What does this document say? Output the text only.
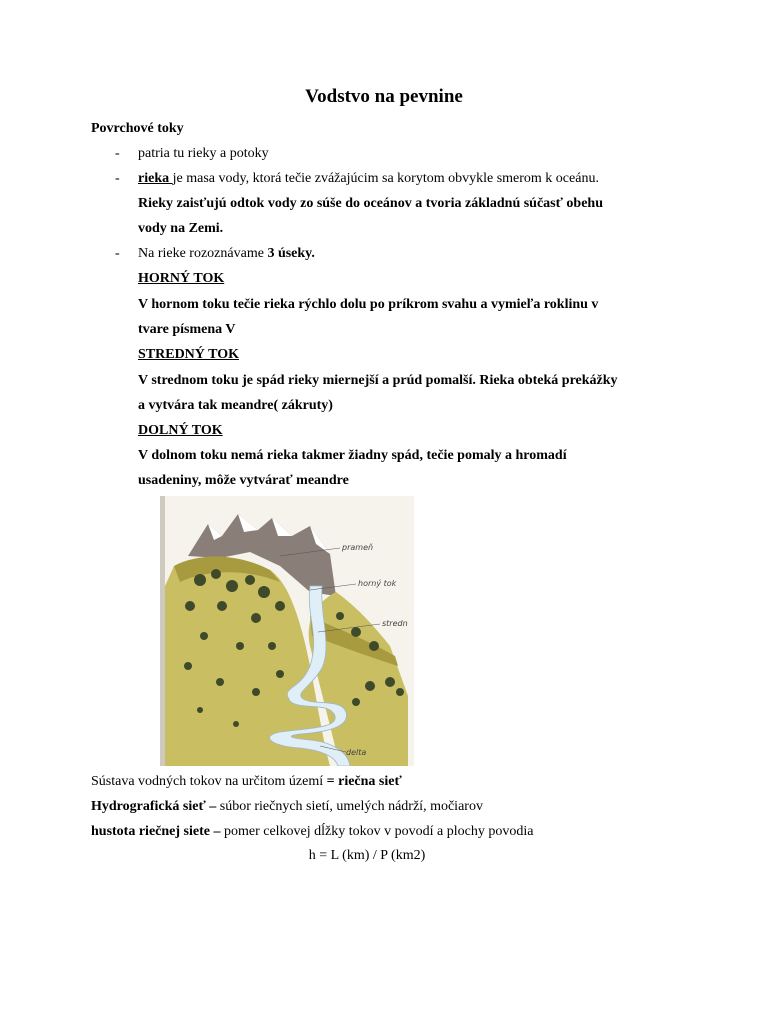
Vodstvo na pevnine
Povrchové toky
- patria tu rieky a potoky
- rieka je masa vody, ktorá tečie zvážajúcim sa korytom obvykle smerom k oceánu.
Rieky zaisťujú odtok vody zo súše do oceánov a tvoria základnú súčasť obehu
vody na Zemi.
- Na rieke rozoznávame 3 úseky.
HORNÝ TOK
V hornom toku tečie rieka rýchlo dolu po príkrom svahu a vymieľa roklinu v
tvare písmena V
STREDNÝ TOK
V strednom toku je spád rieky miernejší a prúd pomalší. Rieka obteká prekážky
a vytvára tak meandre( zákruty)
DOLNÝ TOK
V dolnom toku nemá rieka takmer žiadny spád, tečie pomaly a hromadí
usadeniny, môže vytvárať meandre
prameň
horný tok
stredn
delta
Sústava vodných tokov na určitom území = riečna sieť
Hydrografická sieť – súbor riečnych sietí, umelých nádrží, močiarov
hustota riečnej siete – pomer celkovej dĺžky tokov v povodí a plochy povodia
h = L (km) / P (km2)
